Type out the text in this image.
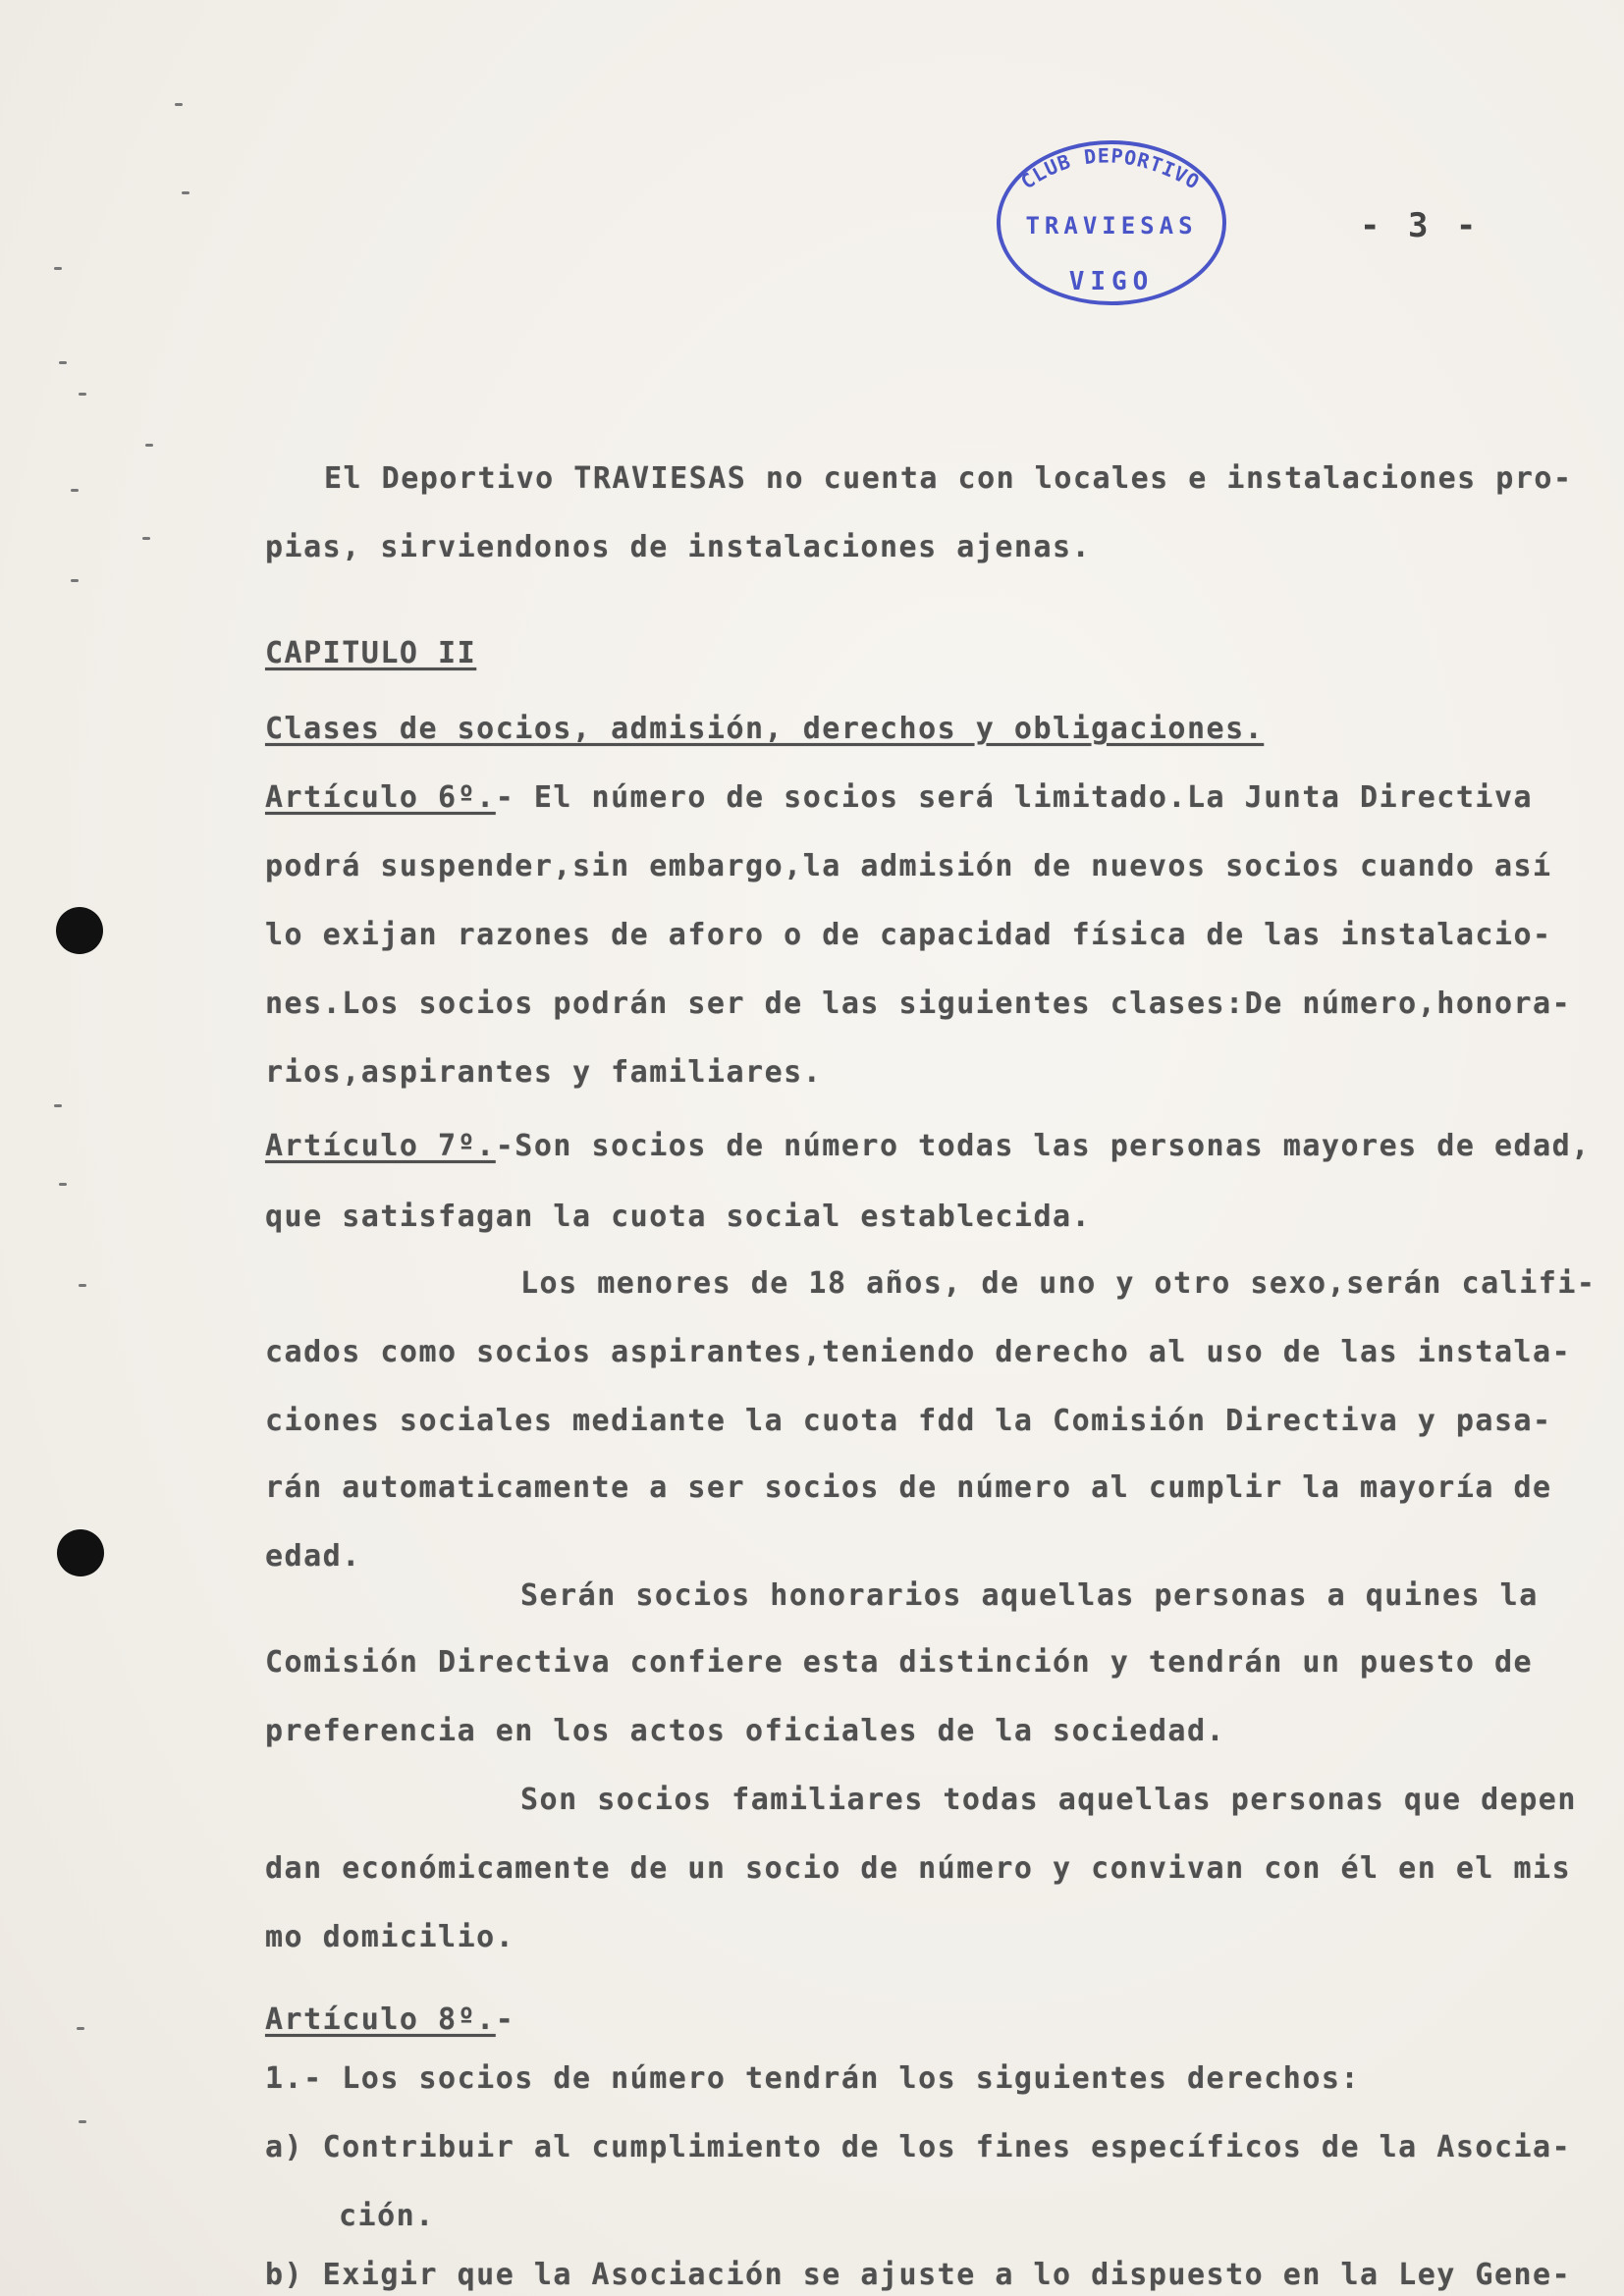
CLUB DEPORTIVO
TRAVIESAS
VIGO
- 3 -
El Deportivo TRAVIESAS no cuenta con locales e instalaciones pro-
pias, sirviendonos de instalaciones ajenas.
CAPITULO II
Clases de socios, admisión, derechos y obligaciones.
Artículo 6º.- El número de socios será limitado.La Junta Directiva
podrá suspender,sin embargo,la admisión de nuevos socios cuando así
lo exijan razones de aforo o de capacidad física de las instalacio-
nes.Los socios podrán ser de las siguientes clases:De número,honora-
rios,aspirantes y familiares.
Artículo 7º.-Son socios de número todas las personas mayores de edad,
que satisfagan la cuota social establecida.
Los menores de 18 años, de uno y otro sexo,serán califi-
cados como socios aspirantes,teniendo derecho al uso de las instala-
ciones sociales mediante la cuota fdd la Comisión Directiva y pasa-
rán automaticamente a ser socios de número al cumplir la mayoría de
edad.
Serán socios honorarios aquellas personas a quines la
Comisión Directiva confiere esta distinción y tendrán un puesto de
preferencia en los actos oficiales de la sociedad.
Son socios familiares todas aquellas personas que depen
dan económicamente de un socio de número y convivan con él en el mis
mo domicilio.
Artículo 8º.-
1.- Los socios de número tendrán los siguientes derechos:
a) Contribuir al cumplimiento de los fines específicos de la Asocia-
ción.
b) Exigir que la Asociación se ajuste a lo dispuesto en la Ley Gene-
